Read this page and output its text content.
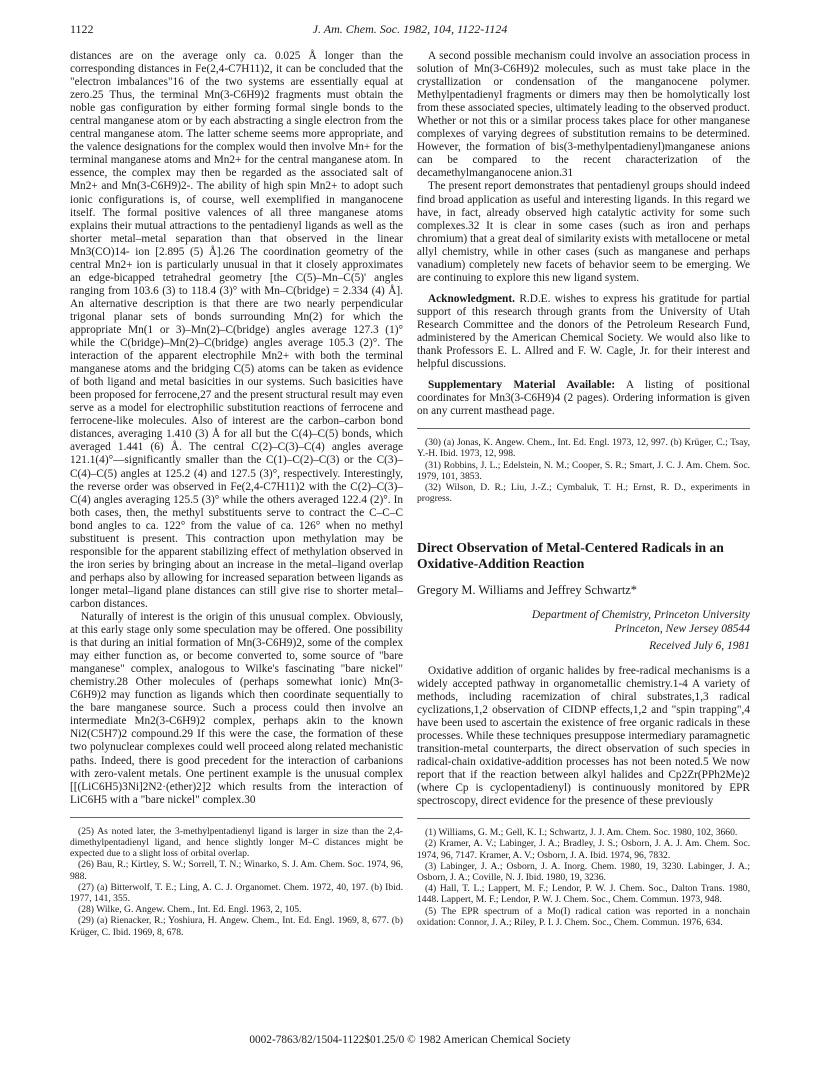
1122	J. Am. Chem. Soc. 1982, 104, 1122-1124

distances are on the average only ca. 0.025 Å longer than the corresponding distances in Fe(2,4-C7H11)2, it can be concluded that the "electron imbalances"16 of the two systems are essentially equal at zero.25 Thus, the terminal Mn(3-C6H9)2 fragments must obtain the noble gas configuration by either forming formal single bonds to the central manganese atom or by each abstracting a single electron from the central manganese atom. The latter scheme seems more appropriate, and the valence designations for the complex would then involve Mn+ for the terminal manganese atoms and Mn2+ for the central manganese atom. In essence, the complex may then be regarded as the associated salt of Mn2+ and Mn(3-C6H9)2-. The ability of high spin Mn2+ to adopt such ionic configurations is, of course, well exemplified in manganocene itself. The formal positive valences of all three manganese atoms explains their mutual attractions to the pentadienyl ligands as well as the shorter metal–metal separation than that observed in the linear Mn3(CO)14- ion [2.895 (5) Å].26 The coordination geometry of the central Mn2+ ion is particularly unusual in that it closely approximates an edge-bicapped tetrahedral geometry [the C(5)–Mn–C(5)' angles ranging from 103.6 (3) to 118.4 (3)° with Mn–C(bridge) = 2.334 (4) Å]. An alternative description is that there are two nearly perpendicular trigonal planar sets of bonds surrounding Mn(2) for which the appropriate Mn(1 or 3)–Mn(2)–C(bridge) angles average 127.3 (1)° while the C(bridge)–Mn(2)–C(bridge) angles average 105.3 (2)°. The interaction of the apparent electrophile Mn2+ with both the terminal manganese atoms and the bridging C(5) atoms can be taken as evidence of both ligand and metal basicities in our systems. Such basicities have been proposed for ferrocene,27 and the present structural result may even serve as a model for electrophilic substitution reactions of ferrocene and ferrocene-like molecules. Also of interest are the carbon–carbon bond distances, averaging 1.410 (3) Å for all but the C(4)–C(5) bonds, which averaged 1.441 (6) Å. The central C(2)–C(3)–C(4) angles average 121.1(4)°—significantly smaller than the C(1)–C(2)–C(3) or the C(3)–C(4)–C(5) angles at 125.2 (4) and 127.5 (3)°, respectively. Interestingly, the reverse order was observed in Fe(2,4-C7H11)2 with the C(2)–C(3)–C(4) angles averaging 125.5 (3)° while the others averaged 122.4 (2)°. In both cases, then, the methyl substituents serve to contract the C–C–C bond angles to ca. 122° from the value of ca. 126° when no methyl substituent is present. This contraction upon methylation may be responsible for the apparent stabilizing effect of methylation observed in the iron series by bringing about an increase in the metal–ligand overlap and perhaps also by allowing for increased separation between ligands as longer metal–ligand plane distances can still give rise to shorter metal–carbon distances.

Naturally of interest is the origin of this unusual complex. Obviously, at this early stage only some speculation may be offered. One possibility is that during an initial formation of Mn(3-C6H9)2, some of the complex may either function as, or become converted to, some source of "bare manganese" complex, analogous to Wilke's fascinating "bare nickel" chemistry.28 Other molecules of (perhaps somewhat ionic) Mn(3-C6H9)2 may function as ligands which then coordinate sequentially to the bare manganese source. Such a process could then involve an intermediate Mn2(3-C6H9)2 complex, perhaps akin to the known Ni2(C5H7)2 compound.29 If this were the case, the formation of these two polynuclear complexes could well proceed along related mechanistic paths. Indeed, there is good precedent for the interaction of carbanions with zero-valent metals. One pertinent example is the unusual complex [[(LiC6H5)3Ni]2N2·(ether)2]2 which results from the interaction of LiC6H5 with a "bare nickel" complex.30

(25) As noted later, the 3-methylpentadienyl ligand is larger in size than the 2,4-dimethylpentadienyl ligand, and hence slightly longer M–C distances might be expected due to a slight loss of orbital overlap.

(26) Bau, R.; Kirtley, S. W.; Sorrell, T. N.; Winarko, S. J. Am. Chem. Soc. 1974, 96, 988.

(27) (a) Bitterwolf, T. E.; Ling, A. C. J. Organomet. Chem. 1972, 40, 197. (b) Ibid. 1977, 141, 355.

(28) Wilke, G. Angew. Chem., Int. Ed. Engl. 1963, 2, 105.

(29) (a) Rienacker, R.; Yoshiura, H. Angew. Chem., Int. Ed. Engl. 1969, 8, 677. (b) Krüger, C. Ibid. 1969, 8, 678.

A second possible mechanism could involve an association process in solution of Mn(3-C6H9)2 molecules, such as must take place in the crystallization or condensation of the manganocene polymer. Methylpentadienyl fragments or dimers may then be homolytically lost from these associated species, ultimately leading to the observed product. Whether or not this or a similar process takes place for other manganese complexes of varying degrees of substitution remains to be determined. However, the formation of bis(3-methylpentadienyl)manganese anions can be compared to the recent characterization of the decamethylmanganocene anion.31

The present report demonstrates that pentadienyl groups should indeed find broad application as useful and interesting ligands. In this regard we have, in fact, already observed high catalytic activity for some such complexes.32 It is clear in some cases (such as iron and perhaps chromium) that a great deal of similarity exists with metallocene or metal allyl chemistry, while in other cases (such as manganese and perhaps vanadium) completely new facets of behavior seem to be emerging. We are continuing to explore this new ligand system.

Acknowledgment. R.D.E. wishes to express his gratitude for partial support of this research through grants from the University of Utah Research Committee and the donors of the Petroleum Research Fund, administered by the American Chemical Society. We would also like to thank Professors E. L. Allred and F. W. Cagle, Jr. for their interest and helpful discussions.

Supplementary Material Available: A listing of positional coordinates for Mn3(3-C6H9)4 (2 pages). Ordering information is given on any current masthead page.

(30) (a) Jonas, K. Angew. Chem., Int. Ed. Engl. 1973, 12, 997. (b) Krüger, C.; Tsay, Y.-H. Ibid. 1973, 12, 998.

(31) Robbins, J. L.; Edelstein, N. M.; Cooper, S. R.; Smart, J. C. J. Am. Chem. Soc. 1979, 101, 3853.

(32) Wilson, D. R.; Liu, J.-Z.; Cymbaluk, T. H.; Ernst, R. D., experiments in progress.

Direct Observation of Metal-Centered Radicals in an Oxidative-Addition Reaction

Gregory M. Williams and Jeffrey Schwartz*

Department of Chemistry, Princeton University
Princeton, New Jersey 08544
Received July 6, 1981

Oxidative addition of organic halides by free-radical mechanisms is a widely accepted pathway in organometallic chemistry.1-4 A variety of methods, including racemization of chiral substrates,1,3 radical cyclizations,1,2 observation of CIDNP effects,1,2 and "spin trapping",4 have been used to ascertain the existence of free organic radicals in these processes. While these techniques presuppose intermediary paramagnetic transition-metal counterparts, the direct observation of such species in radical-chain oxidative-addition processes has not been noted.5 We now report that if the reaction between alkyl halides and Cp2Zr(PPh2Me)2 (where Cp is cyclopentadienyl) is continuously monitored by EPR spectroscopy, direct evidence for the presence of these previously

(1) Williams, G. M.; Gell, K. I.; Schwartz, J. J. Am. Chem. Soc. 1980, 102, 3660.

(2) Kramer, A. V.; Labinger, J. A.; Bradley, J. S.; Osborn, J. A. J. Am. Chem. Soc. 1974, 96, 7147. Kramer, A. V.; Osborn, J. A. Ibid. 1974, 96, 7832.

(3) Labinger, J. A.; Osborn, J. A. Inorg. Chem. 1980, 19, 3230. Labinger, J. A.; Osborn, J. A.; Coville, N. J. Ibid. 1980, 19, 3236.

(4) Hall, T. L.; Lappert, M. F.; Lendor, P. W. J. Chem. Soc., Dalton Trans. 1980, 1448. Lappert, M. F.; Lendor, P. W. J. Chem. Soc., Chem. Commun. 1973, 948.

(5) The EPR spectrum of a Mo(I) radical cation was reported in a nonchain oxidation: Connor, J. A.; Riley, P. I. J. Chem. Soc., Chem. Commun. 1976, 634.

0002-7863/82/1504-1122$01.25/0 © 1982 American Chemical Society
